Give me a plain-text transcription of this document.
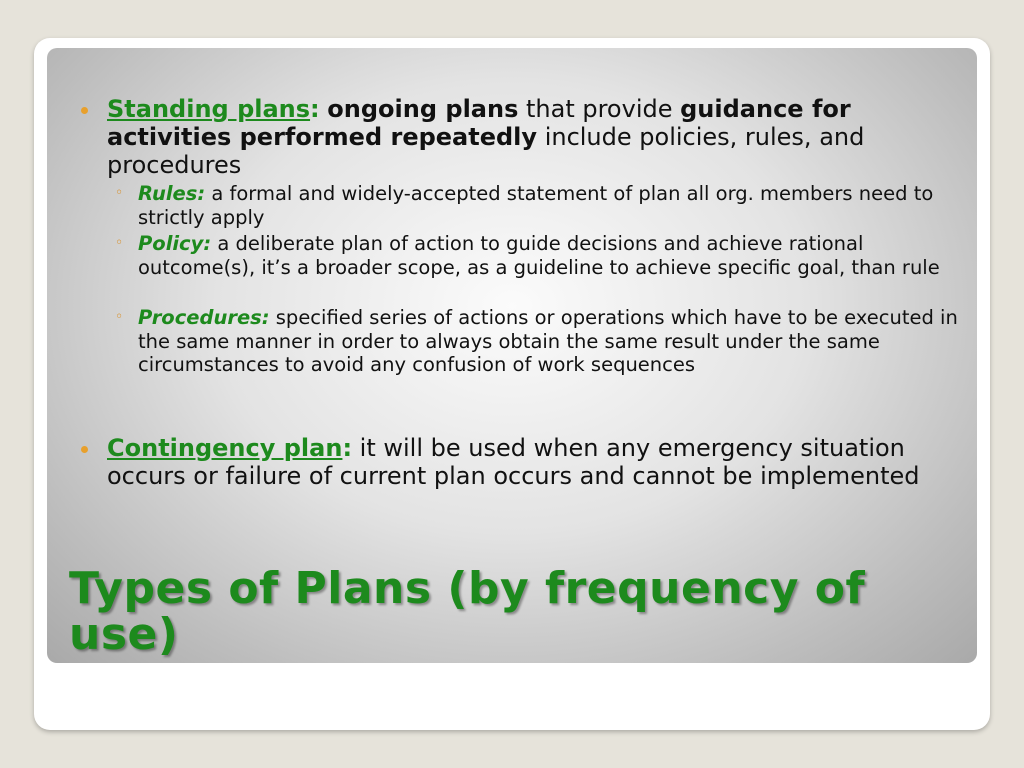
Standing plans: ongoing plans that provide guidance for activities performed repeatedly include policies, rules, and procedures
◦ Rules: a formal and widely-accepted statement of plan all org. members need to strictly apply
◦ Policy: a deliberate plan of action to guide decisions and achieve rational outcome(s), it’s a broader scope, as a guideline to achieve specific goal, than rule
◦ Procedures: specified series of actions or operations which have to be executed in the same manner in order to always obtain the same result under the same circumstances to avoid any confusion of work sequences
Contingency plan: it will be used when any emergency situation occurs or failure of current plan occurs and cannot be implemented
Types of Plans (by frequency of use)
